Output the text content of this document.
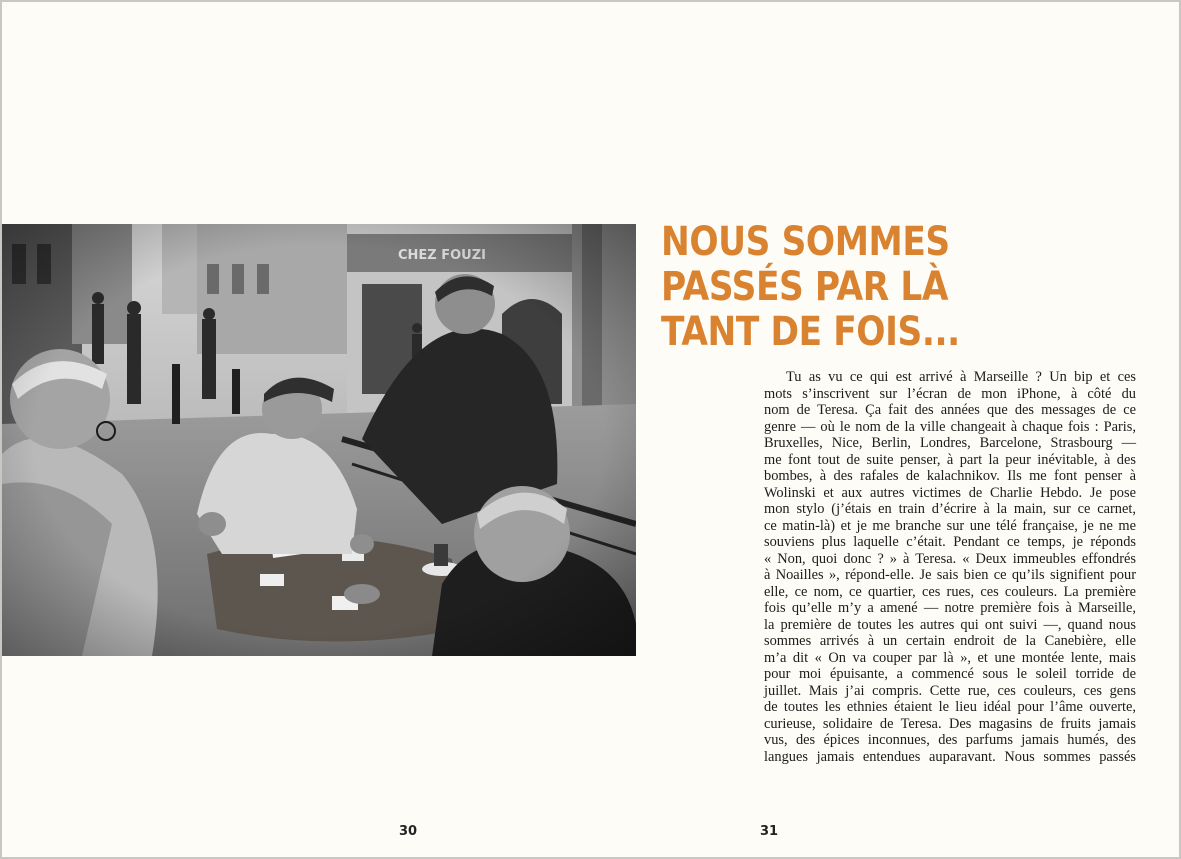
30
NOUS SOMMES
PASSÉS PAR LÀ
TANT DE FOIS...
Tu as vu ce qui est arrivé à Marseille ? Un bip et ces
mots s’inscrivent sur l’écran de mon iPhone, à côté du
nom de Teresa. Ça fait des années que des messages de ce
genre — où le nom de la ville changeait à chaque fois : Paris,
Bruxelles, Nice, Berlin, Londres, Barcelone, Strasbourg —
me font tout de suite penser, à part la peur inévitable, à des
bombes, à des rafales de kalachnikov. Ils me font penser à
Wolinski et aux autres victimes de Charlie Hebdo. Je pose
mon stylo (j’étais en train d’écrire à la main, sur ce carnet,
ce matin-là) et je me branche sur une télé française, je ne me
souviens plus laquelle c’était. Pendant ce temps, je réponds
« Non, quoi donc ? » à Teresa. « Deux immeubles effondrés
à Noailles », répond-elle. Je sais bien ce qu’ils signifient pour
elle, ce nom, ce quartier, ces rues, ces couleurs. La première
fois qu’elle m’y a amené — notre première fois à Marseille,
la première de toutes les autres qui ont suivi —, quand nous
sommes arrivés à un certain endroit de la Canebière, elle
m’a dit « On va couper par là », et une montée lente, mais
pour moi épuisante, a commencé sous le soleil torride de
juillet. Mais j’ai compris. Cette rue, ces couleurs, ces gens
de toutes les ethnies étaient le lieu idéal pour l’âme ouverte,
curieuse, solidaire de Teresa. Des magasins de fruits jamais
vus, des épices inconnues, des parfums jamais humés, des
langues jamais entendues auparavant. Nous sommes passés
31
